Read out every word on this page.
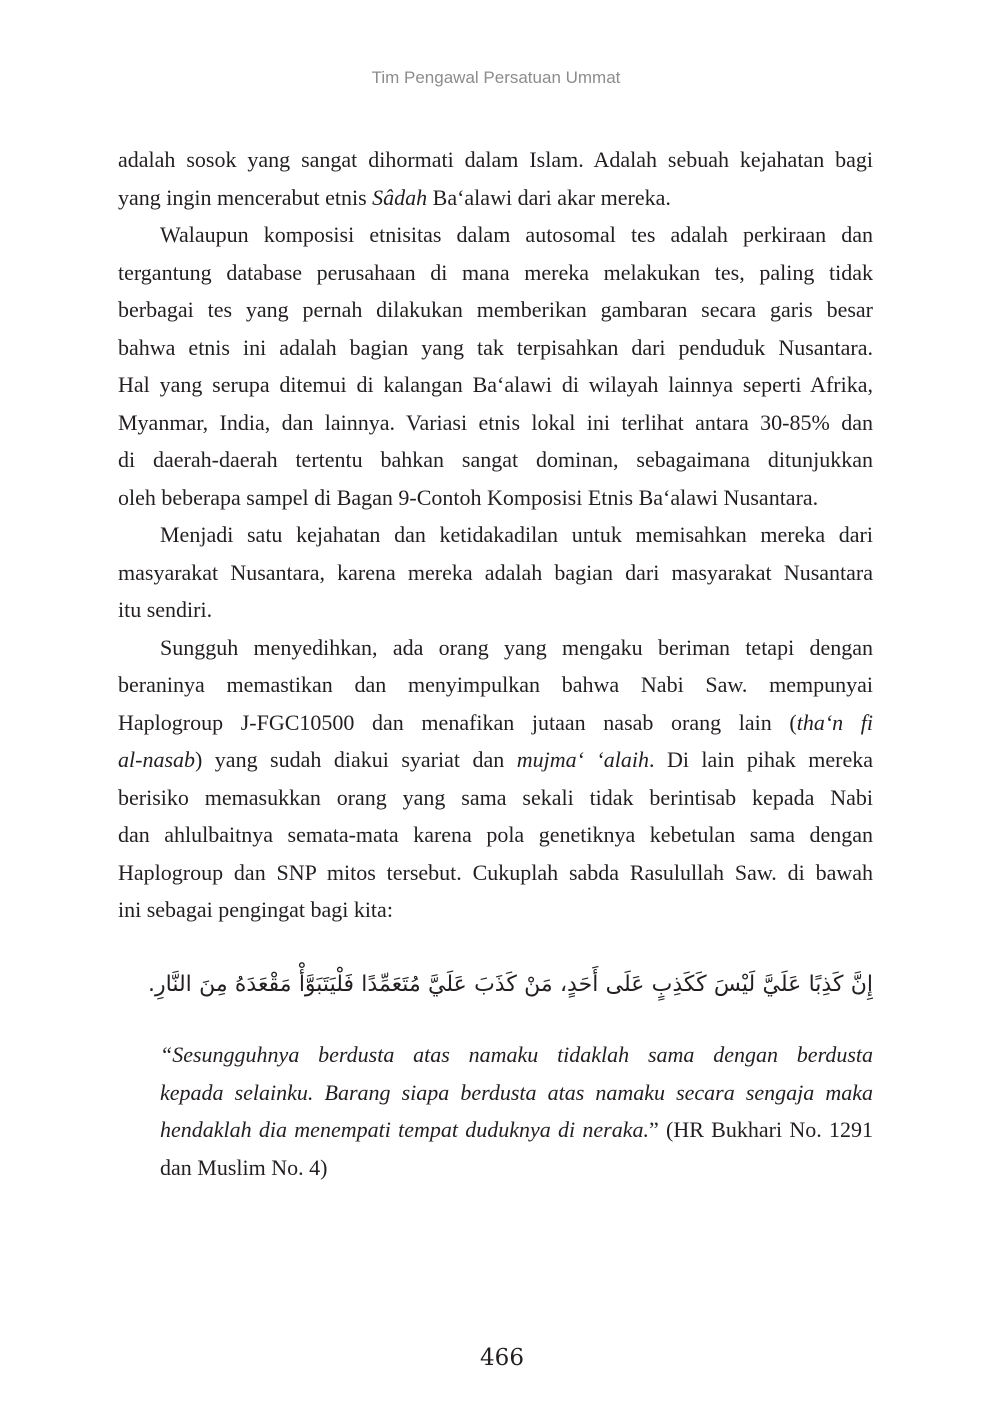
Tim Pengawal Persatuan Ummat
adalah sosok yang sangat dihormati dalam Islam. Adalah sebuah kejahatan bagi
yang ingin mencerabut etnis Sâdah Ba‘alawi dari akar mereka.
Walaupun komposisi etnisitas dalam autosomal tes adalah perkiraan dan
tergantung database perusahaan di mana mereka melakukan tes, paling tidak
berbagai tes yang pernah dilakukan memberikan gambaran secara garis besar
bahwa etnis ini adalah bagian yang tak terpisahkan dari penduduk Nusantara.
Hal yang serupa ditemui di kalangan Ba‘alawi di wilayah lainnya seperti Afrika,
Myanmar, India, dan lainnya. Variasi etnis lokal ini terlihat antara 30-85% dan
di daerah-daerah tertentu bahkan sangat dominan, sebagaimana ditunjukkan
oleh beberapa sampel di Bagan 9-Contoh Komposisi Etnis Ba‘alawi Nusantara.
Menjadi satu kejahatan dan ketidakadilan untuk memisahkan mereka dari
masyarakat Nusantara, karena mereka adalah bagian dari masyarakat Nusantara
itu sendiri.
Sungguh menyedihkan, ada orang yang mengaku beriman tetapi dengan
beraninya memastikan dan menyimpulkan bahwa Nabi Saw. mempunyai
Haplogroup J-FGC10500 dan menafikan jutaan nasab orang lain (tha‘n fi
al-nasab) yang sudah diakui syariat dan mujma‘ ‘alaih. Di lain pihak mereka
berisiko memasukkan orang yang sama sekali tidak berintisab kepada Nabi
dan ahlulbaitnya semata-mata karena pola genetiknya kebetulan sama dengan
Haplogroup dan SNP mitos tersebut. Cukuplah sabda Rasulullah Saw. di bawah
ini sebagai pengingat bagi kita:
إِنَّ كَذِبًا عَلَيَّ لَيْسَ كَكَذِبٍ عَلَى أَحَدٍ، مَنْ كَذَبَ عَلَيَّ مُتَعَمِّدًا فَلْيَتَبَوَّأْ مَقْعَدَهُ مِنَ النَّارِ.
“Sesungguhnya berdusta atas namaku tidaklah sama dengan berdusta
kepada selainku. Barang siapa berdusta atas namaku secara sengaja maka
hendaklah dia menempati tempat duduknya di neraka.” (HR Bukhari No. 1291
dan Muslim No. 4)
466
